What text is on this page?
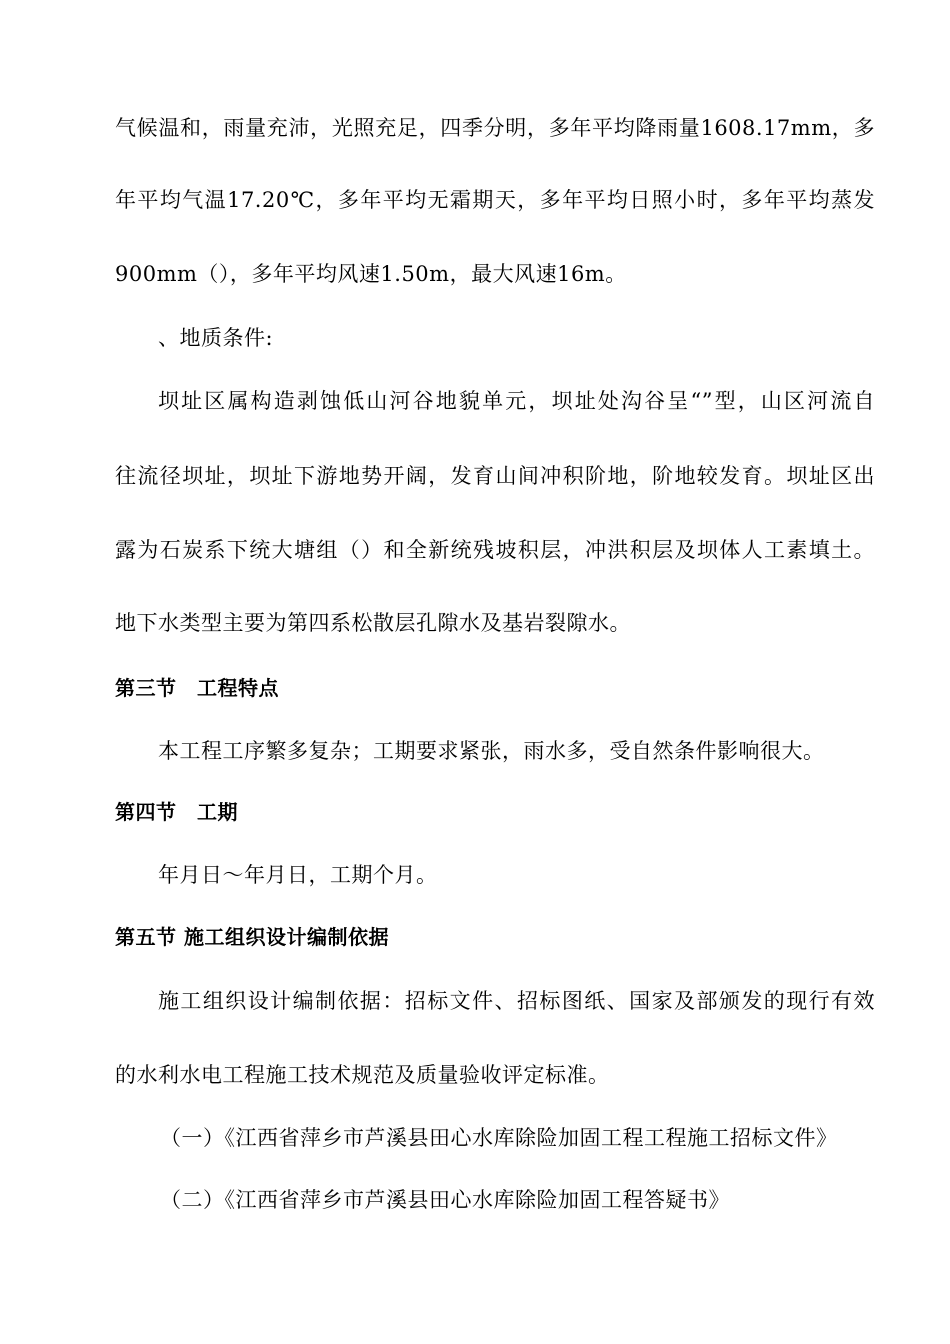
气候温和，雨量充沛，光照充足，四季分明，多年平均降雨量1608.17mm，多
年平均气温17.20℃，多年平均无霜期天，多年平均日照小时，多年平均蒸发
900mm（），多年平均风速1.50m，最大风速16m。
、地质条件:
坝址区属构造剥蚀低山河谷地貌单元，坝址处沟谷呈“”型，山区河流自
往流径坝址，坝址下游地势开阔，发育山间冲积阶地，阶地较发育。坝址区出
露为石炭系下统大塘组（）和全新统残坡积层，冲洪积层及坝体人工素填土。
地下水类型主要为第四系松散层孔隙水及基岩裂隙水。
第三节　工程特点
本工程工序繁多复杂；工期要求紧张，雨水多，受自然条件影响很大。
第四节　工期
年月日～年月日，工期个月。
第五节 施工组织设计编制依据
施工组织设计编制依据：招标文件、招标图纸、国家及部颁发的现行有效
的水利水电工程施工技术规范及质量验收评定标准。
（一）《江西省萍乡市芦溪县田心水库除险加固工程工程施工招标文件》
（二）《江西省萍乡市芦溪县田心水库除险加固工程答疑书》
